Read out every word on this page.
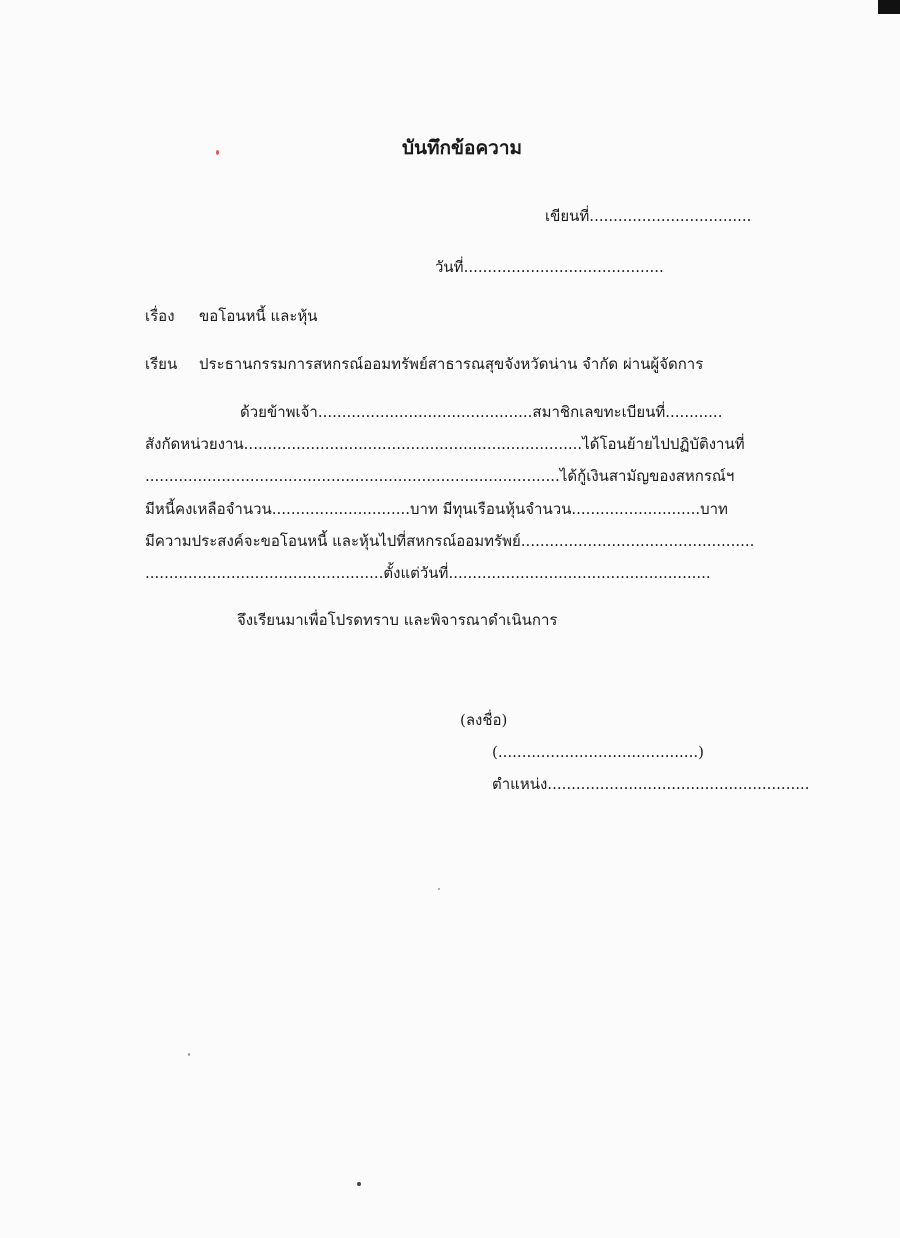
บันทึกข้อความ
เขียนที่..................................
วันที่..........................................
เรื่อง ขอโอนหนี้ และหุ้น
เรียน ประธานกรรมการสหกรณ์ออมทรัพย์สาธารณสุขจังหวัดน่าน จำกัด ผ่านผู้จัดการ
ด้วยข้าพเจ้า.............................................สมาชิกเลขทะเบียนที่............
สังกัดหน่วยงาน.......................................................................ได้โอนย้ายไปปฏิบัติงานที่
.......................................................................................ได้กู้เงินสามัญของสหกรณ์ฯ
มีหนี้คงเหลือจำนวน.............................บาท มีทุนเรือนหุ้นจำนวน...........................บาท
มีความประสงค์จะขอโอนหนี้ และหุ้นไปที่สหกรณ์ออมทรัพย์.................................................
..................................................ตั้งแต่วันที่.......................................................
จึงเรียนมาเพื่อโปรดทราบ และพิจารณาดำเนินการ
(ลงชื่อ)
(..........................................)
ตำแหน่ง.......................................................
